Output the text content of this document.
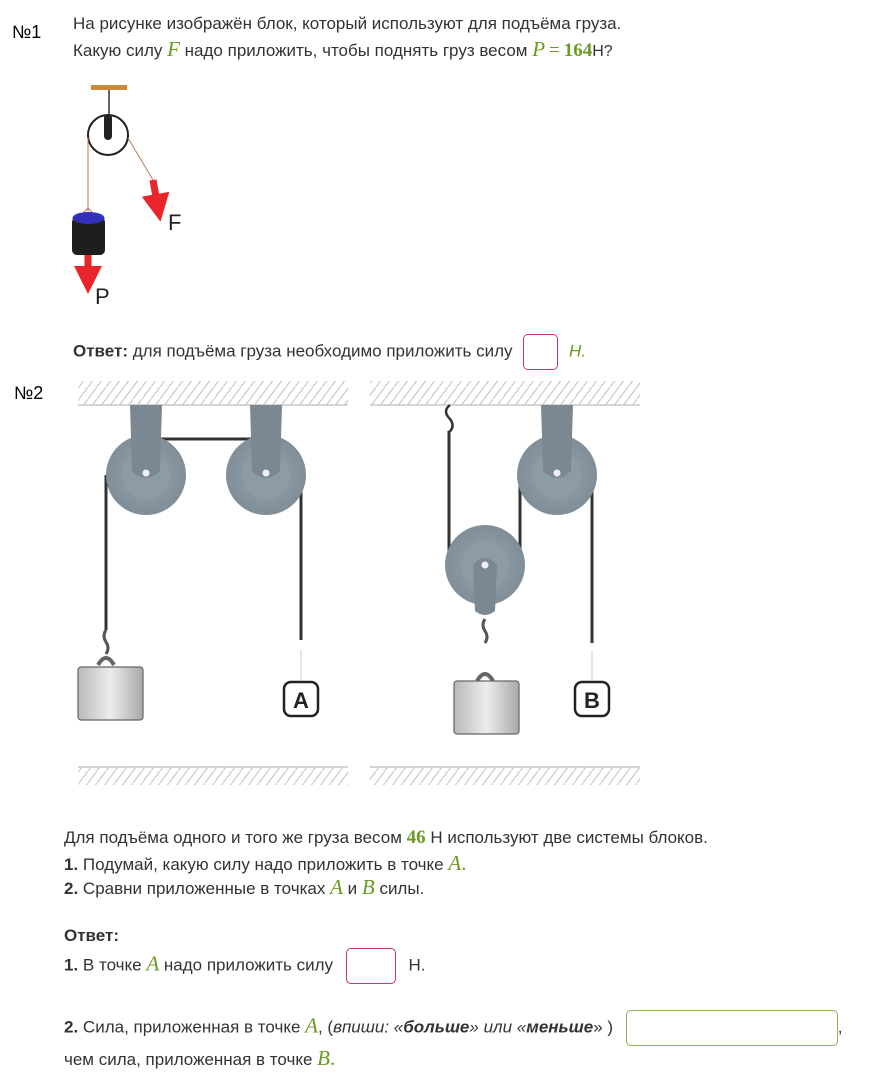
№1 На рисунке изображён блок, который используют для подъёма груза.
Какую силу F надо приложить, чтобы поднять груз весом P = 164Н?
F
P
Ответ: для подъёма груза необходимо приложить силу	Н.
№2
A	B
Для подъёма одного и того же груза весом 46 Н используют две системы блоков.
1. Подумай, какую силу надо приложить в точке A.
2. Сравни приложенные в точках A и B силы.
Ответ:
1. В точке A надо приложить силу	Н.
2. Сила, приложенная в точке A, (впиши: «больше» или «меньше» )	,
чем сила, приложенная в точке B.
